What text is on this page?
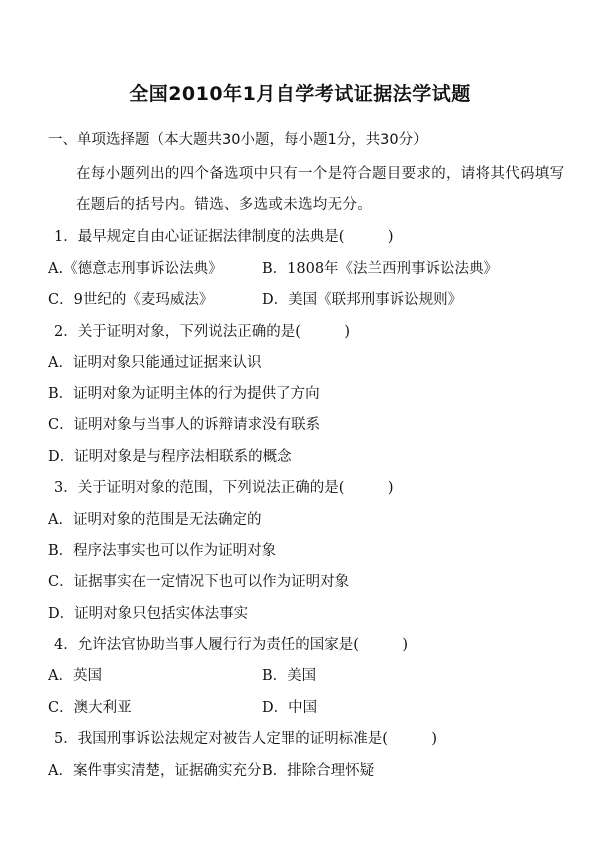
全国2010年1月自学考试证据法学试题
一、单项选择题（本大题共30小题，每小题1分，共30分）
在每小题列出的四个备选项中只有一个是符合题目要求的，请将其代码填写
在题后的括号内。错选、多选或未选均无分。
1．最早规定自由心证证据法律制度的法典是(　　　)
A.《德意志刑事诉讼法典》	B．1808年《法兰西刑事诉讼法典》
C．9世纪的《麦玛威法》	D．美国《联邦刑事诉讼规则》
2．关于证明对象，下列说法正确的是(　　　)
A．证明对象只能通过证据来认识
B．证明对象为证明主体的行为提供了方向
C．证明对象与当事人的诉辩请求没有联系
D．证明对象是与程序法相联系的概念
3．关于证明对象的范围，下列说法正确的是(　　　)
A．证明对象的范围是无法确定的
B．程序法事实也可以作为证明对象
C．证据事实在一定情况下也可以作为证明对象
D．证明对象只包括实体法事实
4．允许法官协助当事人履行行为责任的国家是(　　　)
A．英国	B．美国
C．澳大利亚	D．中国
5．我国刑事诉讼法规定对被告人定罪的证明标准是(　　　)
A．案件事实清楚，证据确实充分 B．排除合理怀疑
